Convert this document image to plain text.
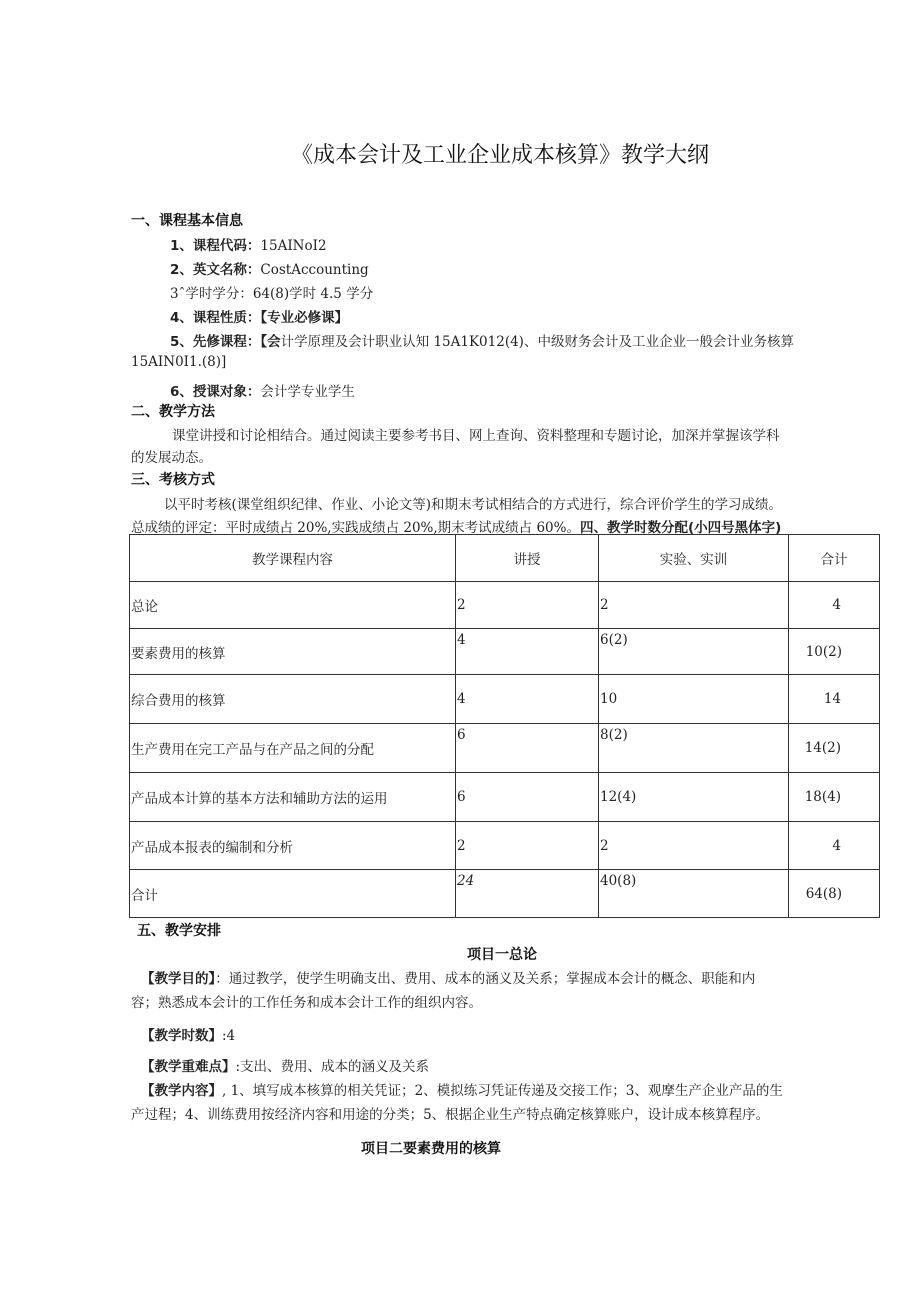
《成本会计及工业企业成本核算》教学大纲
一、课程基本信息
1、课程代码：15AINoI2
2、英文名称：CostAccounting
3ˆ学时学分：64(8)学时 4.5 学分
4、课程性质：【专业必修课】
5、先修课程：【会计学原理及会计职业认知 15A1K012(4)、中级财务会计及工业企业一般会计业务核算
15AIN0I1.(8)]
6、授课对象：会计学专业学生
二、教学方法
课堂讲授和讨论相结合。通过阅读主要参考书目、网上查询、资料整理和专题讨论，加深并掌握该学科
的发展动态。
三、考核方式
以平时考核(课堂组织纪律、作业、小论文等)和期末考试相结合的方式进行，综合评价学生的学习成绩。
总成绩的评定：平时成绩占 20%,实践成绩占 20%,期末考试成绩占 60%。四、教学时数分配(小四号黑体字)
教学课程内容	讲授	实验、实训	合计
总论	2	2	4
要素费用的核算	4	6(2)	10(2)
综合费用的核算	4	10	14
生产费用在完工产品与在产品之间的分配	6	8(2)	14(2)
产品成本计算的基本方法和辅助方法的运用	6	12(4)	18(4)
产品成本报表的编制和分析	2	2	4
合计	24	40(8)	64(8)
五、教学安排
项目一总论
【教学目的】：通过教学，使学生明确支出、费用、成本的涵义及关系；掌握成本会计的概念、职能和内
容；熟悉成本会计的工作任务和成本会计工作的组织内容。
【教学时数】:4
【教学重难点】:支出、费用、成本的涵义及关系
【教学内容】, 1、填写成本核算的相关凭证；2、模拟练习凭证传递及交接工作；3、观摩生产企业产品的生
产过程；4、训练费用按经济内容和用途的分类；5、根据企业生产特点确定核算账户，设计成本核算程序。
项目二要素费用的核算
